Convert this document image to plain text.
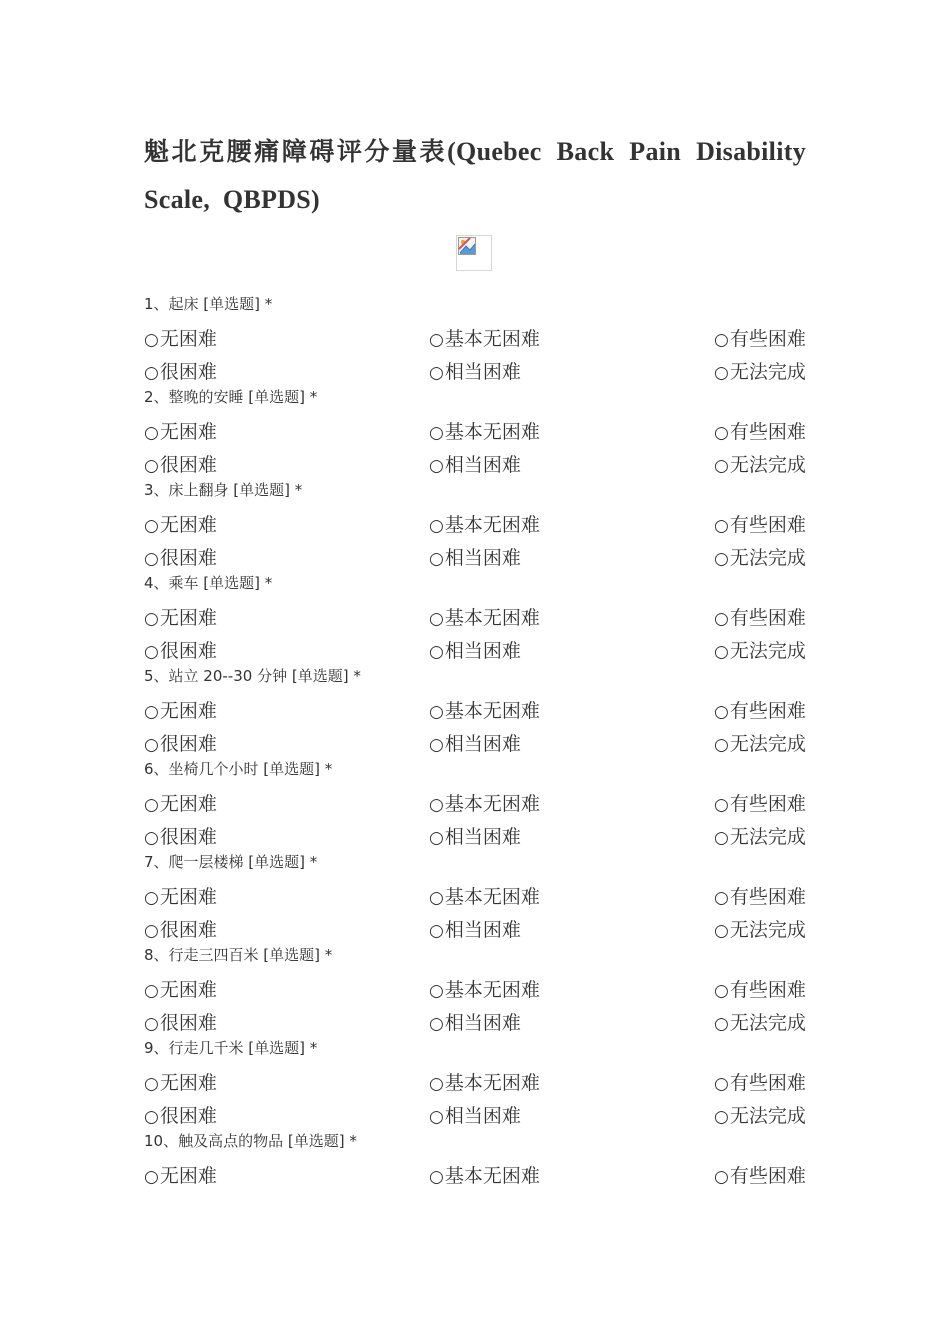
魁北克腰痛障碍评分量表(Quebec Back Pain Disability Scale, QBPDS)
1、起床 [单选题] *
○无困难	○基本无困难	○有些困难
○很困难	○相当困难	○无法完成
2、整晚的安睡 [单选题] *
○无困难	○基本无困难	○有些困难
○很困难	○相当困难	○无法完成
3、床上翻身 [单选题] *
○无困难	○基本无困难	○有些困难
○很困难	○相当困难	○无法完成
4、乘车 [单选题] *
○无困难	○基本无困难	○有些困难
○很困难	○相当困难	○无法完成
5、站立 20--30 分钟 [单选题] *
○无困难	○基本无困难	○有些困难
○很困难	○相当困难	○无法完成
6、坐椅几个小时 [单选题] *
○无困难	○基本无困难	○有些困难
○很困难	○相当困难	○无法完成
7、爬一层楼梯 [单选题] *
○无困难	○基本无困难	○有些困难
○很困难	○相当困难	○无法完成
8、行走三四百米 [单选题] *
○无困难	○基本无困难	○有些困难
○很困难	○相当困难	○无法完成
9、行走几千米 [单选题] *
○无困难	○基本无困难	○有些困难
○很困难	○相当困难	○无法完成
10、触及高点的物品 [单选题] *
○无困难	○基本无困难	○有些困难
